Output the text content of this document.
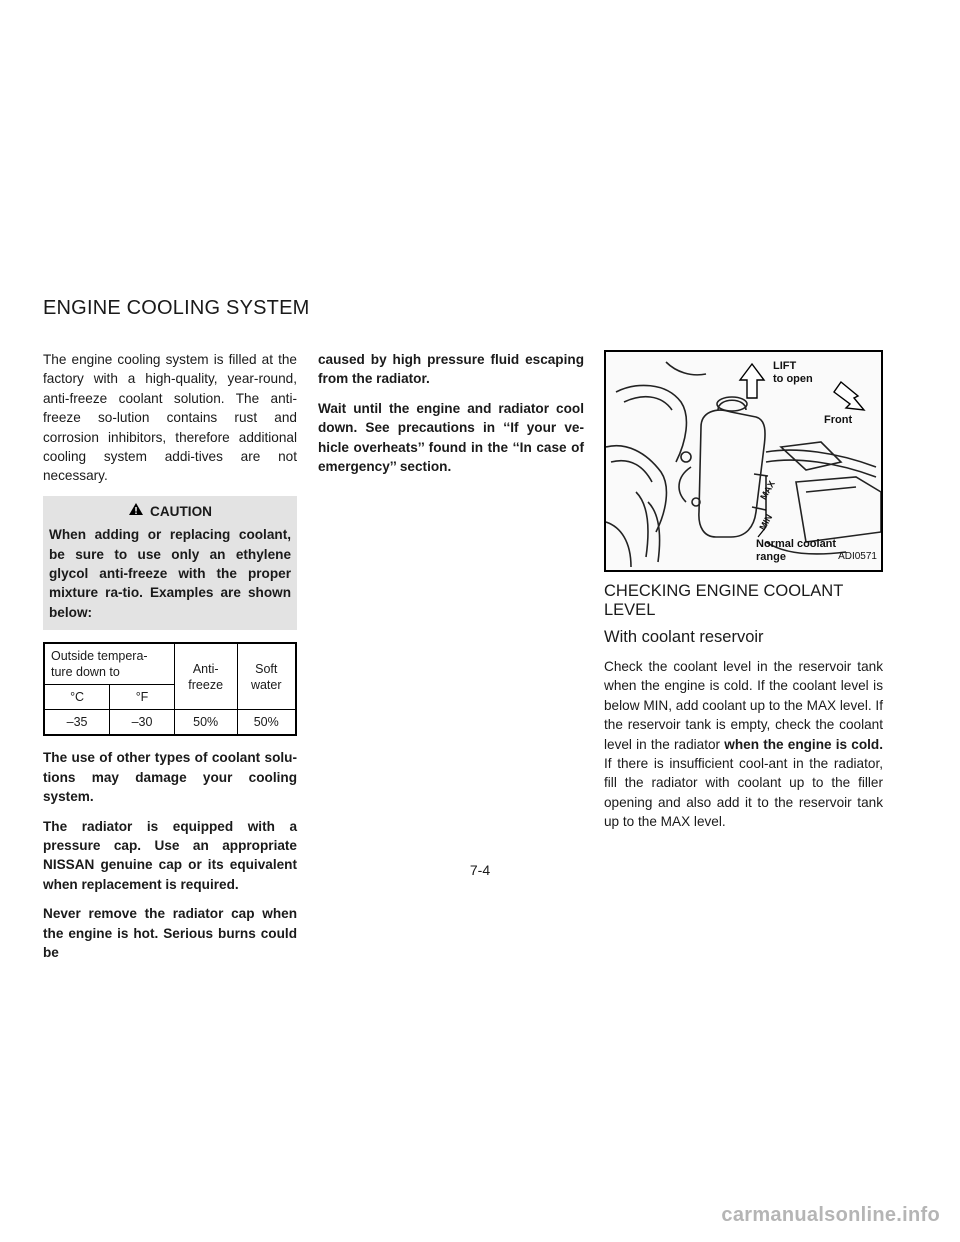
ENGINE COOLING SYSTEM

The engine cooling system is filled at the factory with a high-quality, year-round, anti-freeze coolant solution. The anti-freeze so-lution contains rust and corrosion inhibitors, therefore additional cooling system addi-tives are not necessary.

CAUTION
When adding or replacing coolant, be sure to use only an ethylene glycol anti-freeze with the proper mixture ra-tio. Examples are shown below:
Outside tempera-ture down to		Anti-freeze	Soft water
°C	°F		
–35	–30	50%	50%

The use of other types of coolant solu-tions may damage your cooling system.

The radiator is equipped with a pressure cap. Use an appropriate NISSAN genuine cap or its equivalent when replacement is required.

Never remove the radiator cap when the engine is hot. Serious burns could be

caused by high pressure fluid escaping from the radiator.

Wait until the engine and radiator cool down. See precautions in ‘‘If your ve-hicle overheats’’ found in the ‘‘In case of emergency’’ section.

LIFT
to open
Front
MAX
MIN
Normal coolant
range	ADI0571
CHECKING ENGINE COOLANT LEVEL
With coolant reservoir

Check the coolant level in the reservoir tank when the engine is cold. If the coolant level is below MIN, add coolant up to the MAX level. If the reservoir tank is empty, check the coolant level in the radiator when the engine is cold. If there is insufficient cool-ant in the radiator, fill the radiator with coolant up to the filler opening and also add it to the reservoir tank up to the MAX level.

7-4
carmanualsonline.info
